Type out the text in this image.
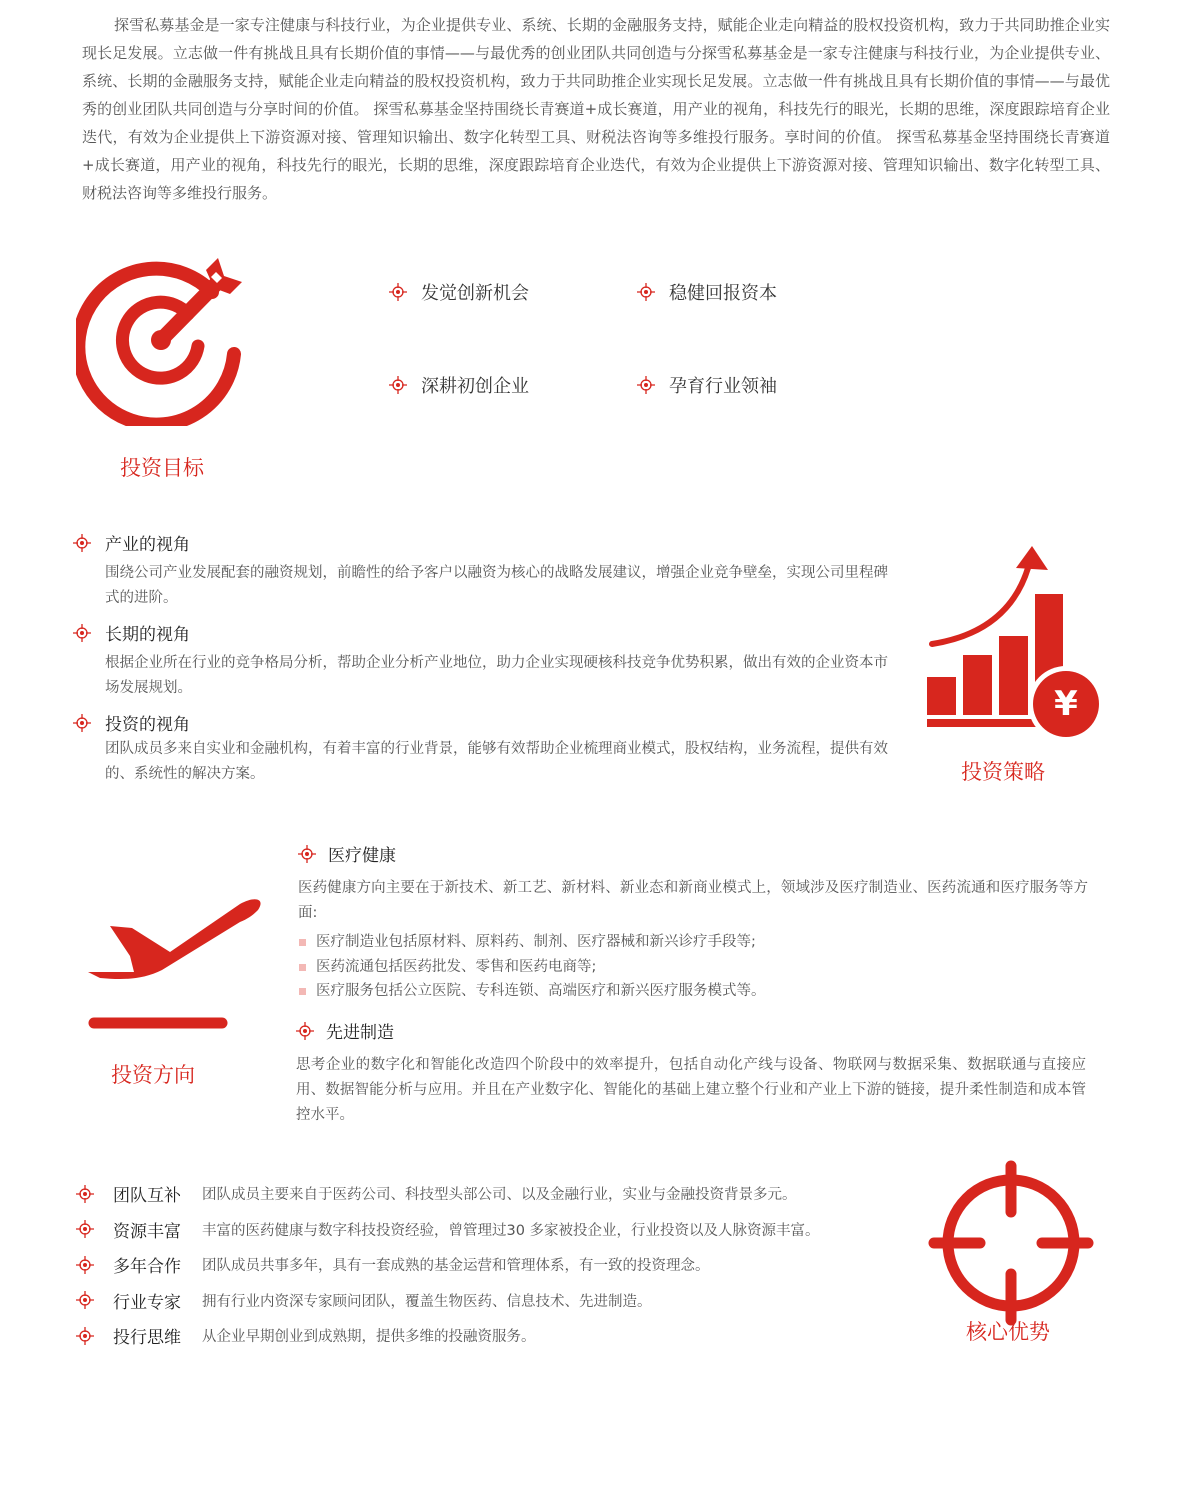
探雪私募基金是一家专注健康与科技行业，为企业提供专业、系统、长期的金融服务支持，赋能企业走向精益的股权投资机构，致力于共同助推企业实现长足发展。立志做一件有挑战且具有长期价值的事情——与最优秀的创业团队共同创造与分探雪私募基金是一家专注健康与科技行业，为企业提供专业、系统、长期的金融服务支持，赋能企业走向精益的股权投资机构，致力于共同助推企业实现长足发展。立志做一件有挑战且具有长期价值的事情——与最优秀的创业团队共同创造与分享时间的价值。 探雪私募基金坚持围绕长青赛道+成长赛道，用产业的视角，科技先行的眼光，长期的思维，深度跟踪培育企业迭代，有效为企业提供上下游资源对接、管理知识输出、数字化转型工具、财税法咨询等多维投行服务。享时间的价值。 探雪私募基金坚持围绕长青赛道+成长赛道，用产业的视角，科技先行的眼光，长期的思维，深度跟踪培育企业迭代，有效为企业提供上下游资源对接、管理知识输出、数字化转型工具、财税法咨询等多维投行服务。

投资目标
发觉创新机会	稳健回报资本
深耕初创企业	孕育行业领袖
产业的视角

围绕公司产业发展配套的融资规划，前瞻性的给予客户以融资为核心的战略发展建议，增强企业竞争壁垒，实现公司里程碑式的进阶。

长期的视角

根据企业所在行业的竞争格局分析，帮助企业分析产业地位，助力企业实现硬核科技竞争优势积累，做出有效的企业资本市场发展规划。

投资的视角

团队成员多来自实业和金融机构，有着丰富的行业背景，能够有效帮助企业梳理商业模式，股权结构，业务流程，提供有效的、系统性的解决方案。

¥
投资策略
投资方向
医疗健康

医药健康方向主要在于新技术、新工艺、新材料、新业态和新商业模式上，领域涉及医疗制造业、医药流通和医疗服务等方面:

医疗制造业包括原材料、原料药、制剂、医疗器械和新兴诊疗手段等;
医药流通包括医药批发、零售和医药电商等;
医疗服务包括公立医院、专科连锁、高端医疗和新兴医疗服务模式等。
先进制造

思考企业的数字化和智能化改造四个阶段中的效率提升，包括自动化产线与设备、物联网与数据采集、数据联通与直接应用、数据智能分析与应用。并且在产业数字化、智能化的基础上建立整个行业和产业上下游的链接，提升柔性制造和成本管控水平。

团队互补	团队成员主要来自于医药公司、科技型头部公司、以及金融行业，实业与金融投资背景多元。
资源丰富	丰富的医药健康与数字科技投资经验，曾管理过30 多家被投企业，行业投资以及人脉资源丰富。
多年合作	团队成员共事多年，具有一套成熟的基金运营和管理体系，有一致的投资理念。
行业专家	拥有行业内资深专家顾问团队，覆盖生物医药、信息技术、先进制造。
投行思维	从企业早期创业到成熟期，提供多维的投融资服务。	核心优势
